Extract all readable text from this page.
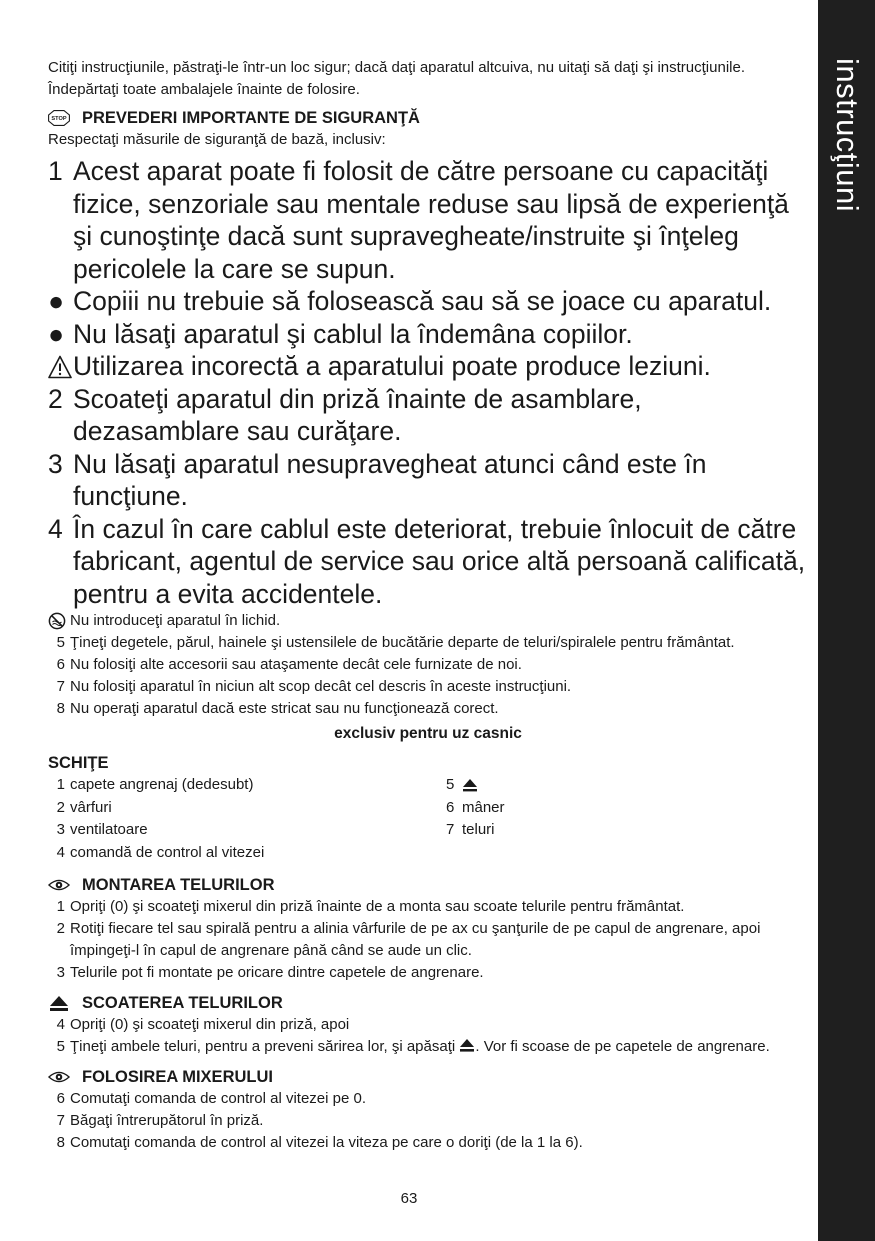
instrucţiuni

Citiţi instrucţiunile, păstraţi-le într-un loc sigur; dacă daţi aparatul altcuiva, nu uitaţi să daţi şi instrucţiunile. Îndepărtaţi toate ambalajele înainte de folosire.

STOP PREVEDERI IMPORTANTE DE SIGURANŢĂ

Respectaţi măsurile de siguranţă de bază, inclusiv:

1 Acest aparat poate fi folosit de către persoane cu capacităţi fizice, senzoriale sau mentale reduse sau lipsă de experienţă şi cunoştinţe dacă sunt supravegheate/instruite şi înţeleg pericolele la care se supun.
● Copiii nu trebuie să folosească sau să se joace cu aparatul.
● Nu lăsaţi aparatul şi cablul la îndemâna copiilor.
Utilizarea incorectă a aparatului poate produce leziuni.
2 Scoateţi aparatul din priză înainte de asamblare, dezasamblare sau curăţare.
3 Nu lăsaţi aparatul nesupravegheat atunci când este în funcţiune.
4 În cazul în care cablul este deteriorat, trebuie înlocuit de către fabricant, agentul de service sau orice altă persoană calificată, pentru a evita accidentele.
Nu introduceţi aparatul în lichid.
5 Ţineţi degetele, părul, hainele şi ustensilele de bucătărie departe de teluri/spiralele pentru frământat.
6 Nu folosiţi alte accesorii sau ataşamente decât cele furnizate de noi.
7 Nu folosiţi aparatul în niciun alt scop decât cel descris în aceste instrucţiuni.
8 Nu operaţi aparatul dacă este stricat sau nu funcţionează corect.
exclusiv pentru uz casnic
SCHIŢE
1 capete angrenaj (dedesubt)
2 vârfuri
3 ventilatoare
4 comandă de control al vitezei
5
6 mâner
7 teluri
MONTAREA TELURILOR
1 Opriţi (0) şi scoateţi mixerul din priză înainte de a monta sau scoate telurile pentru frământat.
2 Rotiţi fiecare tel sau spirală pentru a alinia vârfurile de pe ax cu şanţurile de pe capul de angrenare, apoi împingeţi-l în capul de angrenare până când se aude un clic.
3 Telurile pot fi montate pe oricare dintre capetele de angrenare.
SCOATEREA TELURILOR
4 Opriţi (0) şi scoateţi mixerul din priză, apoi
5 Ţineţi ambele teluri, pentru a preveni sărirea lor, şi apăsaţi . Vor fi scoase de pe capetele de angrenare.
FOLOSIREA MIXERULUI
6 Comutaţi comanda de control al vitezei pe 0.
7 Băgaţi întrerupătorul în priză.
8 Comutaţi comanda de control al vitezei la viteza pe care o doriţi (de la 1 la 6).
63
